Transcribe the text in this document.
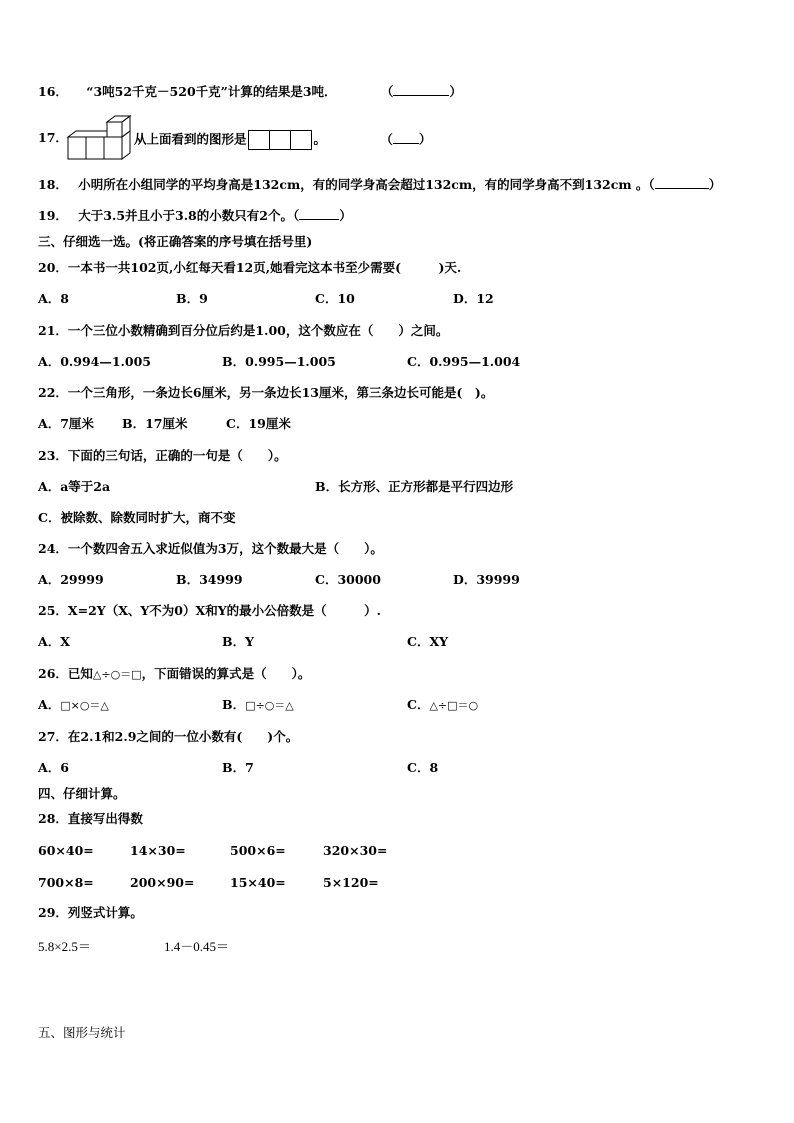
16． “3吨52千克－520千克”计算的结果是3吨．	（	）
17．	从上面看到的图形是	。	（ ）
18． 小明所在小组同学的平均身高是132cm，有的同学身高会超过132cm，有的同学身高不到132cm 。（	）
19． 大于3.5并且小于3.8的小数只有2个。（	）
三、仔细选一选。(将正确答案的序号填在括号里)
20．一本书一共102页,小红每天看12页,她看完这本书至少需要(　　　)天.
A．8	B．9	C．10	D．12
21．一个三位小数精确到百分位后约是1.00，这个数应在（　　）之间。
A．0.994—1.005	B．0.995—1.005	C．0.995—1.004
22．一个三角形，一条边长6厘米，另一条边长13厘米，第三条边长可能是(　)。
A．7厘米 B．17厘米	C．19厘米
23．下面的三句话，正确的一句是（　　）。
A．a等于2a	B．长方形、正方形都是平行四边形
C．被除数、除数同时扩大，商不变
24．一个数四舍五入求近似值为3万，这个数最大是（　　）。
A．29999	B．34999	C．30000	D．39999
25．X=2Y（X、Y不为0）X和Y的最小公倍数是（　　　）.
A．X	B．Y	C．XY
26．已知△÷○＝□，下面错误的算式是（　　）。
A．□×○＝△	B．□÷○＝△	C．△÷□＝○
27．在2.1和2.9之间的一位小数有(　　)个。
A．6	B．7	C．8
四、仔细计算。
28．直接写出得数
60×40=	14×30=	500×6=	320×30=
700×8=	200×90=	15×40=	5×120=
29．列竖式计算。
5.8×2.5＝	1.4－0.45＝
五、图形与统计
